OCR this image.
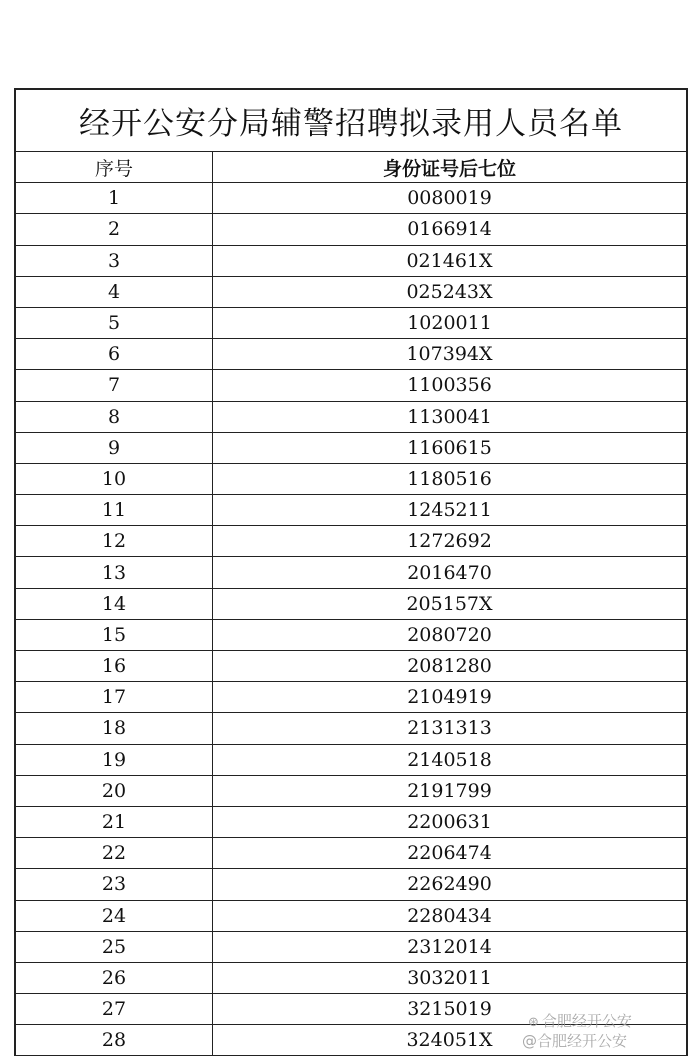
经开公安分局辅警招聘拟录用人员名单
序号	身份证号后七位
1	0080019
2	0166914
3	021461X
4	025243X
5	1020011
6	107394X
7	1100356
8	1130041
9	1160615
10	1180516
11	1245211
12	1272692
13	2016470
14	205157X
15	2080720
16	2081280
17	2104919
18	2131313
19	2140518
20	2191799
21	2200631
22	2206474
23	2262490
24	2280434
25	2312014
26	3032011
27	3215019
28	324051X
⊛ 合肥经开公安
@合肥经开公安
